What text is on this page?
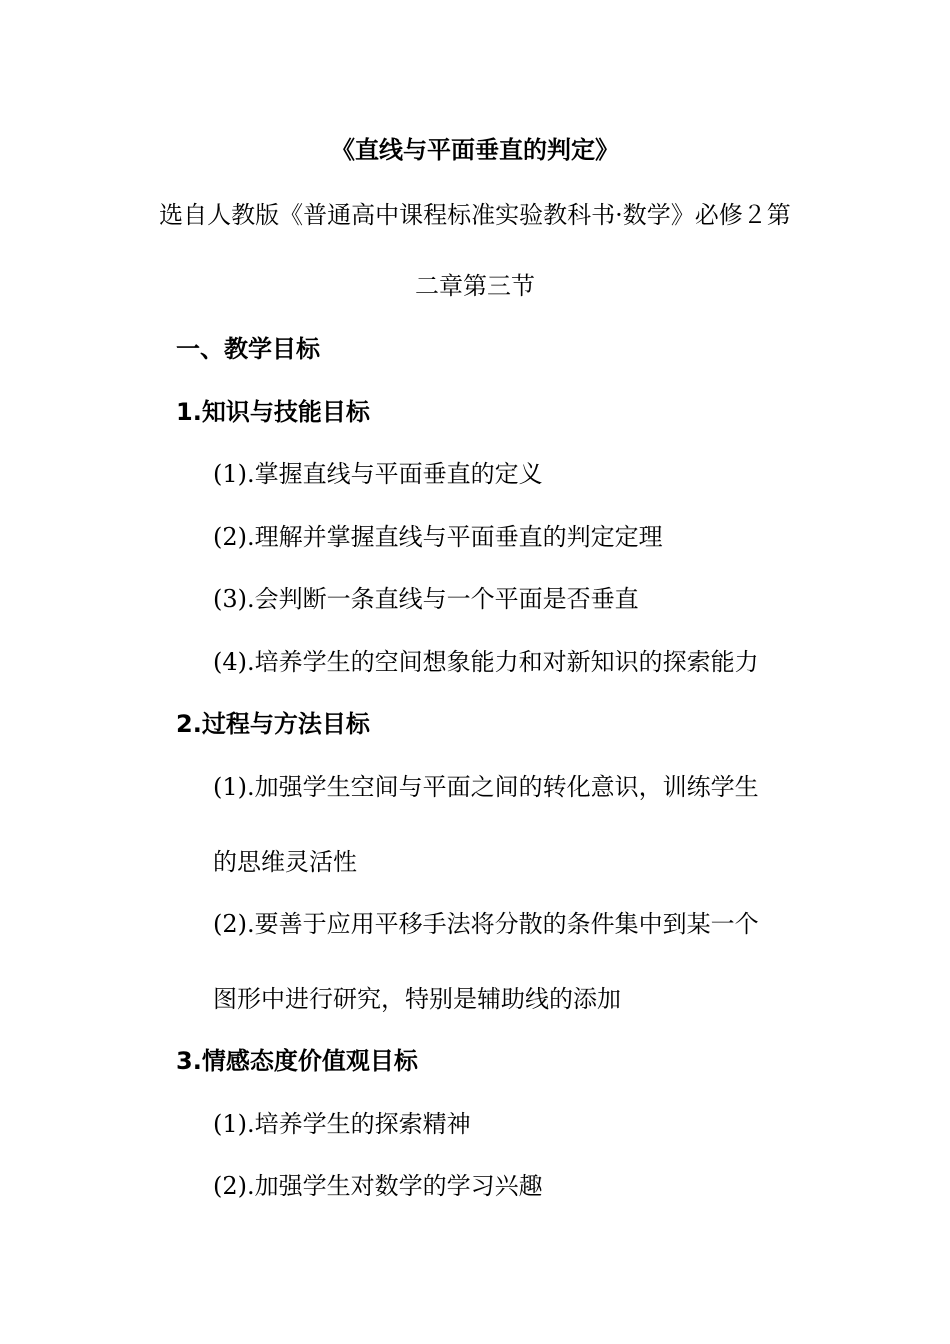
《直线与平面垂直的判定》
选自人教版《普通高中课程标准实验教科书·数学》必修２第
二章第三节
一、教学目标
1.知识与技能目标
(1).掌握直线与平面垂直的定义
(2).理解并掌握直线与平面垂直的判定定理
(3).会判断一条直线与一个平面是否垂直
(4).培养学生的空间想象能力和对新知识的探索能力
2.过程与方法目标
(1).加强学生空间与平面之间的转化意识，训练学生
的思维灵活性
(2).要善于应用平移手法将分散的条件集中到某一个
图形中进行研究，特别是辅助线的添加
3.情感态度价值观目标
(1).培养学生的探索精神
(2).加强学生对数学的学习兴趣
